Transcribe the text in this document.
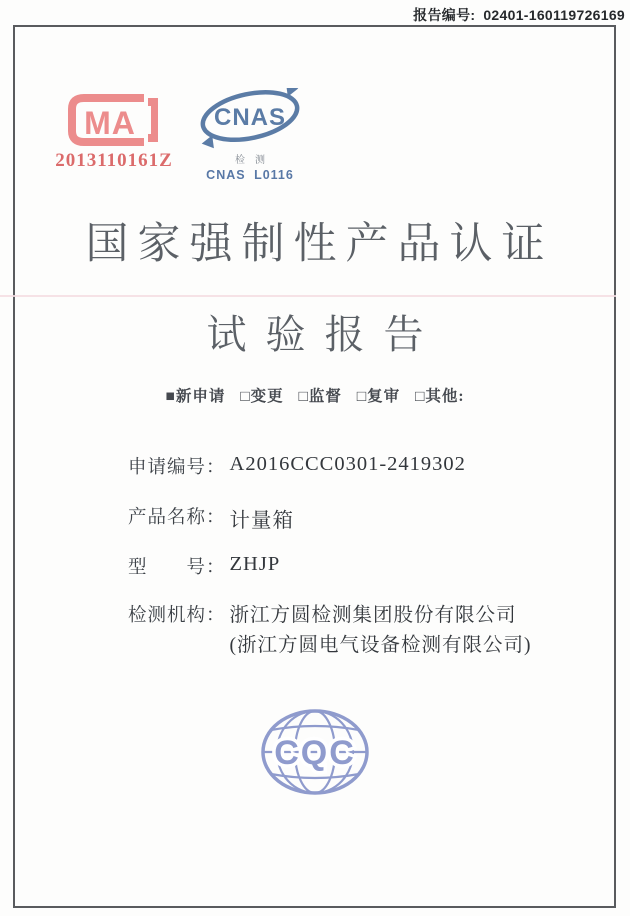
报告编号: 02401-160119726169
MA
2013110161Z
CNAS
检测
CNAS L0116
国家强制性产品认证
试验报告
■新申请 □变更 □监督 □复审 □其他:
申请编号： A2016CCC0301-2419302
产品名称： 计量箱
型　　号： ZHJP
检测机构： 浙江方圆检测集团股份有限公司
(浙江方圆电气设备检测有限公司)
CQC
